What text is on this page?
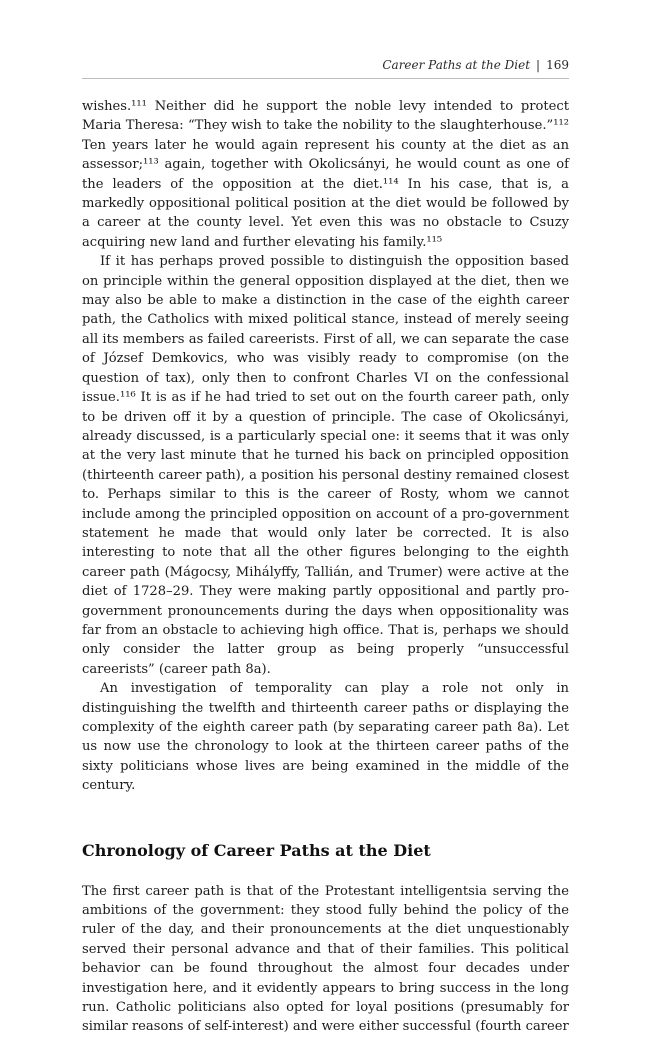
Career Paths at the Diet | 169

wishes.¹¹¹ Neither did he support the noble levy intended to protect Maria Theresa: “They wish to take the nobility to the slaughterhouse.”¹¹² Ten years later he would again represent his county at the diet as an assessor;¹¹³ again, together with Okolicsányi, he would count as one of the leaders of the opposition at the diet.¹¹⁴ In his case, that is, a markedly oppositional political position at the diet would be followed by a career at the county level. Yet even this was no obstacle to Csuzy acquiring new land and further elevating his family.¹¹⁵

If it has perhaps proved possible to distinguish the opposition based on principle within the general opposition displayed at the diet, then we may also be able to make a distinction in the case of the eighth career path, the Catholics with mixed political stance, instead of merely seeing all its members as failed careerists. First of all, we can separate the case of József Demkovics, who was visibly ready to compromise (on the question of tax), only then to confront Charles VI on the confessional issue.¹¹⁶ It is as if he had tried to set out on the fourth career path, only to be driven off it by a question of principle. The case of Okolicsányi, already discussed, is a particularly special one: it seems that it was only at the very last minute that he turned his back on principled opposition (thirteenth career path), a position his personal destiny remained closest to. Perhaps similar to this is the career of Rosty, whom we cannot include among the principled opposition on account of a pro-government statement he made that would only later be corrected. It is also interesting to note that all the other figures belonging to the eighth career path (Mágocsy, Mihályffy, Tallián, and Trumer) were active at the diet of 1728–29. They were making partly oppositional and partly pro-government pronouncements during the days when oppositionality was far from an obstacle to achieving high office. That is, perhaps we should only consider the latter group as being properly “unsuccessful careerists” (career path 8a).

An investigation of temporality can play a role not only in distinguishing the twelfth and thirteenth career paths or displaying the complexity of the eighth career path (by separating career path 8a). Let us now use the chronology to look at the thirteen career paths of the sixty politicians whose lives are being examined in the middle of the century.

Chronology of Career Paths at the Diet

The first career path is that of the Protestant intelligentsia serving the ambitions of the government: they stood fully behind the policy of the ruler of the day, and their pronouncements at the diet unquestionably served their personal advance and that of their families. This political behavior can be found throughout the almost four decades under investigation here, and it evidently appears to bring success in the long run. Catholic politicians also opted for loyal positions (presumably for similar reasons of self-interest) and were either successful (fourth career
